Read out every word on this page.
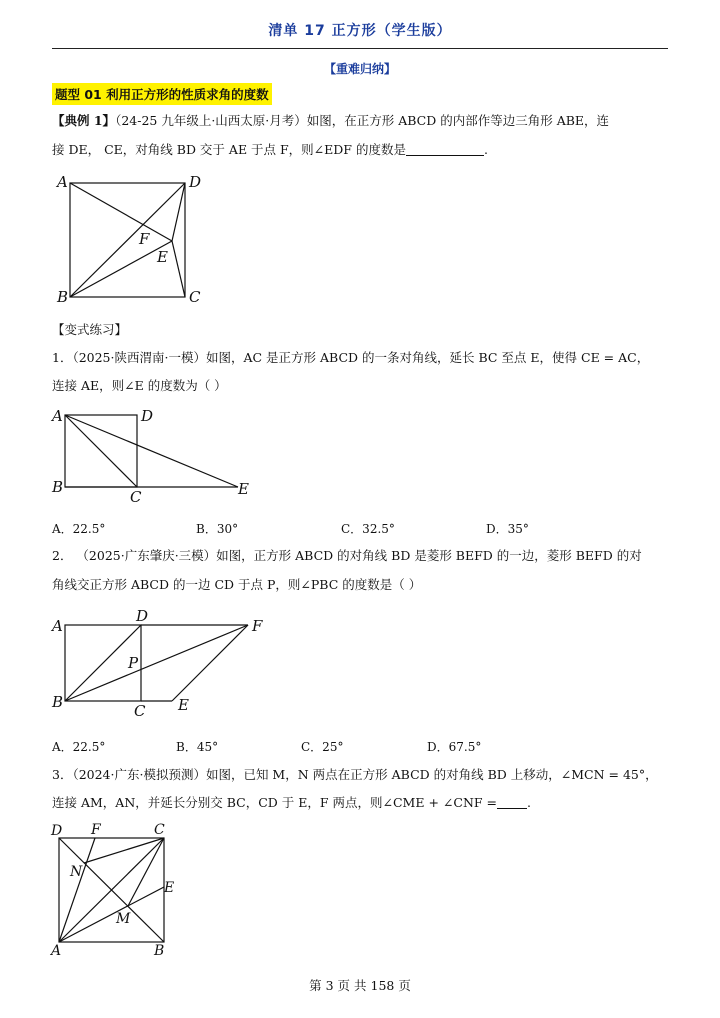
清单 17 正方形（学生版）
【重难归纳】
题型 01 利用正方形的性质求角的度数
【典例 1】（24-25 九年级上·山西太原·月考）如图，在正方形 ABCD 的内部作等边三角形 ABE，连
接 DE， CE，对角线 BD 交于 AE 于点 F，则∠EDF 的度数是	.
A	D
F
E
B	C
【变式练习】
1．（2025·陕西渭南·一模）如图，AC 是正方形 ABCD 的一条对角线，延长 BC 至点 E，使得 CE = AC，
连接 AE，则∠E 的度数为（ ）
A	D
B
C	E
A．22.5°	B．30°	C．32.5°	D．35°
2． （2025·广东肇庆·三模）如图，正方形 ABCD 的对角线 BD 是菱形 BEFD 的一边，菱形 BEFD 的对
角线交正方形 ABCD 的一边 CD 于点 P，则∠PBC 的度数是（ ）
A
D
F
P
B	C E
A．22.5°	B．45°	C．25°	D．67.5°
3．（2024·广东·模拟预测）如图，已知 M，N 两点在正方形 ABCD 的对角线 BD 上移动，∠MCN = 45°，
连接 AM，AN，并延长分别交 BC，CD 于 E，F 两点，则∠CME + ∠CNF = .
D F	C
N
E
M
A	B
第 3 页 共 158 页
